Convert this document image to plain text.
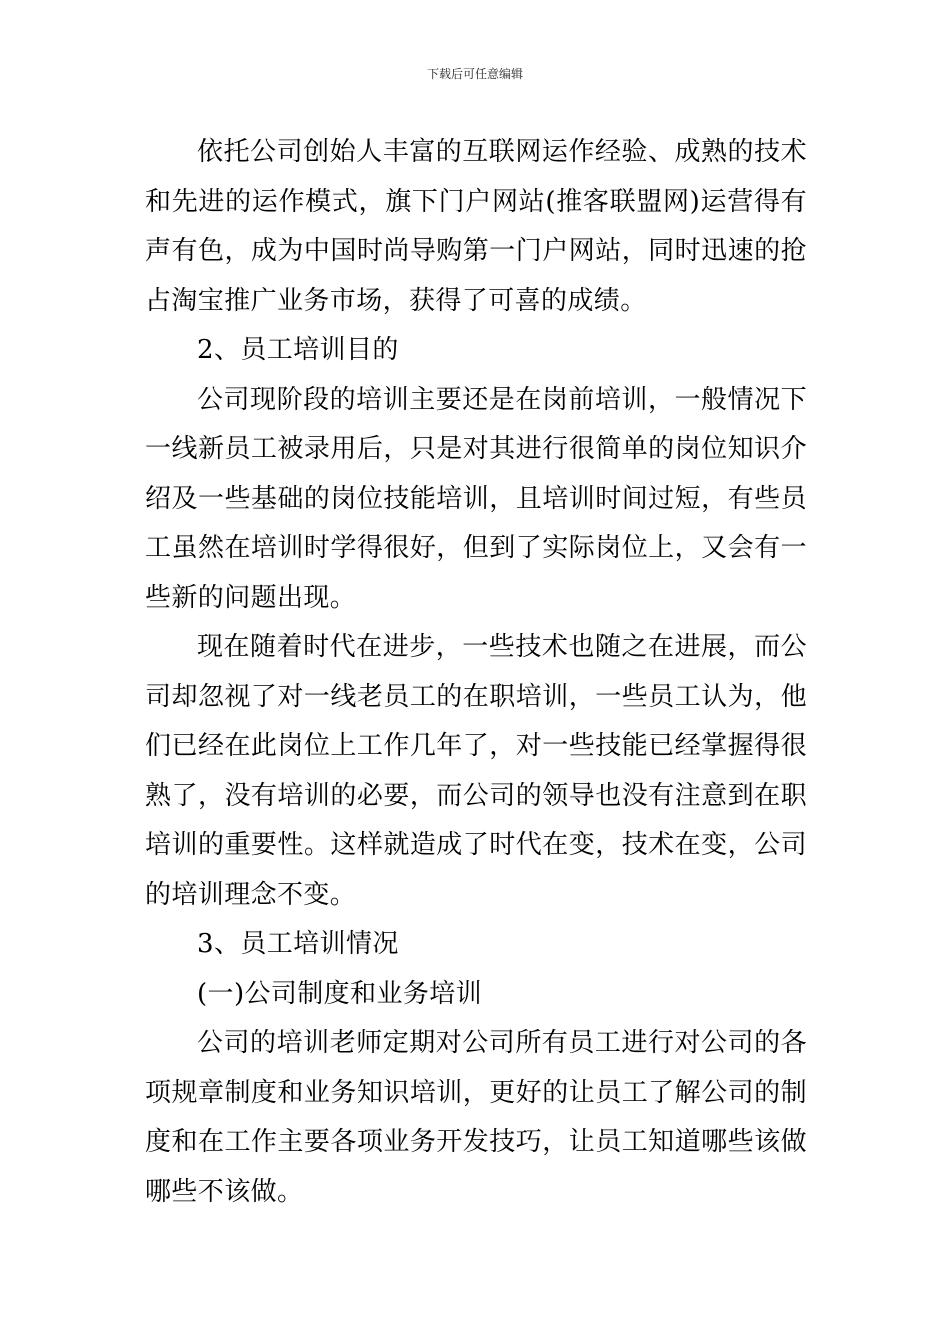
下载后可任意编辑

依托公司创始人丰富的互联网运作经验、成熟的技术和先进的运作模式，旗下门户网站(推客联盟网)运营得有声有色，成为中国时尚导购第一门户网站，同时迅速的抢占淘宝推广业务市场，获得了可喜的成绩。

2、员工培训目的

公司现阶段的培训主要还是在岗前培训，一般情况下一线新员工被录用后，只是对其进行很简单的岗位知识介绍及一些基础的岗位技能培训，且培训时间过短，有些员工虽然在培训时学得很好，但到了实际岗位上，又会有一些新的问题出现。

现在随着时代在进步，一些技术也随之在进展，而公司却忽视了对一线老员工的在职培训，一些员工认为，他们已经在此岗位上工作几年了，对一些技能已经掌握得很熟了，没有培训的必要，而公司的领导也没有注意到在职培训的重要性。这样就造成了时代在变，技术在变，公司的培训理念不变。

3、员工培训情况

(一)公司制度和业务培训

公司的培训老师定期对公司所有员工进行对公司的各项规章制度和业务知识培训，更好的让员工了解公司的制度和在工作主要各项业务开发技巧，让员工知道哪些该做哪些不该做。
